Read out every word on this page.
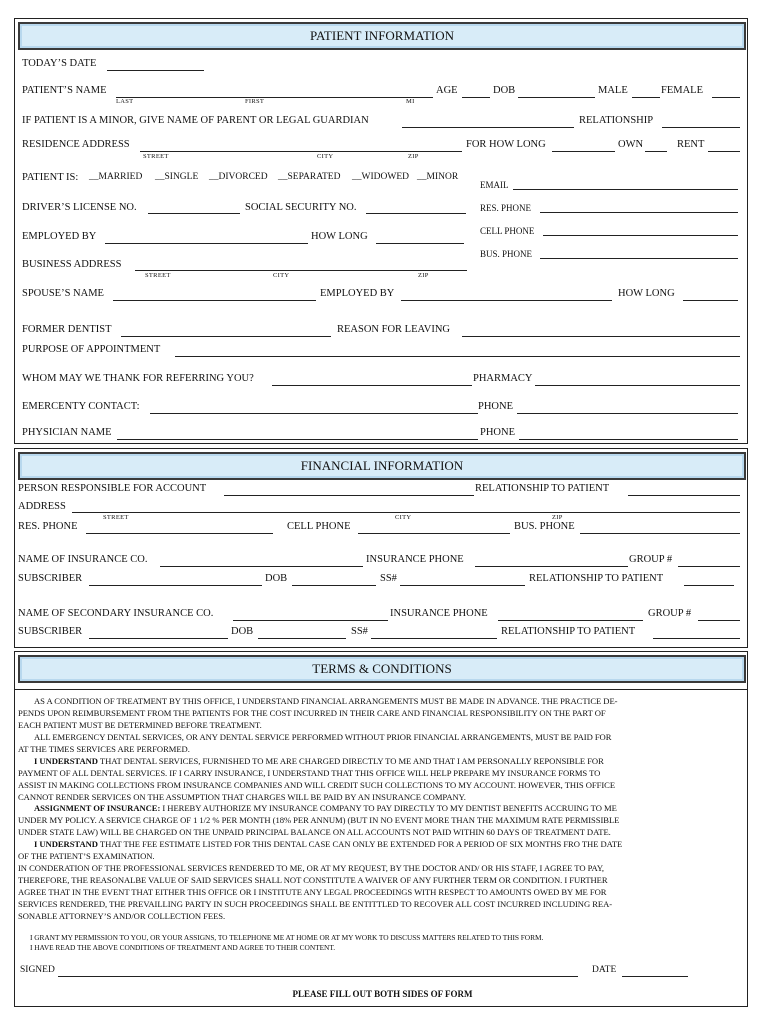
PATIENT INFORMATION
TODAY’S DATE
PATIENT’S NAME	AGE	DOB	MALE	FEMALE
LAST	FIRST	MI
IF PATIENT IS A MINOR, GIVE NAME OF PARENT OR LEGAL GUARDIAN	RELATIONSHIP
RESIDENCE ADDRESS	FOR HOW LONG	OWN	RENT
STREET	CITY	ZIP
PATIENT IS: __MARRIED __SINGLE __DIVORCED __SEPARATED __WIDOWED __MINOR
EMAIL
RES. PHONE
CELL PHONE
BUS. PHONE
DRIVER’S LICENSE NO.	SOCIAL SECURITY NO.
EMPLOYED BY	HOW LONG
BUSINESS ADDRESS
STREET	CITY	ZIP
SPOUSE’S NAME	EMPLOYED BY	HOW LONG
FORMER DENTIST	REASON FOR LEAVING
PURPOSE OF APPOINTMENT
WHOM MAY WE THANK FOR REFERRING YOU?	PHARMACY
EMERCENTY CONTACT:	PHONE
PHYSICIAN NAME	PHONE
FINANCIAL INFORMATION
PERSON RESPONSIBLE FOR ACCOUNT	RELATIONSHIP TO PATIENT
ADDRESS
STREET	CITY	ZIP
RES. PHONE	CELL PHONE	BUS. PHONE
NAME OF INSURANCE CO.	INSURANCE PHONE	GROUP #
SUBSCRIBER	DOB	SS#	RELATIONSHIP TO PATIENT
NAME OF SECONDARY INSURANCE CO.	INSURANCE PHONE	GROUP #
SUBSCRIBER	DOB	SS#	RELATIONSHIP TO PATIENT
TERMS & CONDITIONS
AS A CONDITION OF TREATMENT BY THIS OFFICE, I UNDERSTAND FINANCIAL ARRANGEMENTS MUST BE MADE IN ADVANCE. THE PRACTICE DE-
PENDS UPON REIMBURSEMENT FROM THE PATIENTS FOR THE COST INCURRED IN THEIR CARE AND FINANCIAL RESPONSIBILITY ON THE PART OF
EACH PATIENT MUST BE DETERMINED BEFORE TREATMENT.
ALL EMERGENCY DENTAL SERVICES, OR ANY DENTAL SERVICE PERFORMED WITHOUT PRIOR FINANCIAL ARRANGEMENTS, MUST BE PAID FOR
AT THE TIMES SERVICES ARE PERFORMED.
I UNDERSTAND THAT DENTAL SERVICES, FURNISHED TO ME ARE CHARGED DIRECTLY TO ME AND THAT I AM PERSONALLY REPONSIBLE FOR
PAYMENT OF ALL DENTAL SERVICES. IF I CARRY INSURANCE, I UNDERSTAND THAT THIS OFFICE WILL HELP PREPARE MY INSURANCE FORMS TO
ASSIST IN MAKING COLLECTIONS FROM INSURANCE COMPANIES AND WILL CREDIT SUCH COLLECTIONS TO MY ACCOUNT. HOWEVER, THIS OFFICE
CANNOT RENDER SERVICES ON THE ASSUMPTION THAT CHARGES WILL BE PAID BY AN INSURANCE COMPANY.
ASSIGNMENT OF INSURANCE: I HEREBY AUTHORIZE MY INSURANCE COMPANY TO PAY DIRECTLY TO MY DENTIST BENEFITS ACCRUING TO ME
UNDER MY POLICY. A SERVICE CHARGE OF 1 1/2 % PER MONTH (18% PER ANNUM) (BUT IN NO EVENT MORE THAN THE MAXIMUM RATE PERMISSIBLE
UNDER STATE LAW) WILL BE CHARGED ON THE UNPAID PRINCIPAL BALANCE ON ALL ACCOUNTS NOT PAID WITHIN 60 DAYS OF TREATMENT DATE.
I UNDERSTAND THAT THE FEE ESTIMATE LISTED FOR THIS DENTAL CASE CAN ONLY BE EXTENDED FOR A PERIOD OF SIX MONTHS FRO THE DATE
OF THE PATIENT’S EXAMINATION.
IN CONDERATION OF THE PROFESSIONAL SERVICES RENDERED TO ME, OR AT MY REQUEST, BY THE DOCTOR AND/ OR HIS STAFF, I AGREE TO PAY,
THEREFORE, THE REASONALBE VALUE OF SAID SERVICES SHALL NOT CONSTITUTE A WAIVER OF ANY FURTHER TERM OR CONDITION. I FURTHER
AGREE THAT IN THE EVENT THAT EITHER THIS OFFICE OR I INSTITUTE ANY LEGAL PROCEEDINGS WITH RESPECT TO AMOUNTS OWED BY ME FOR
SERVICES RENDERED, THE PREVAILLING PARTY IN SUCH PROCEEDINGS SHALL BE ENTITTLED TO RECOVER ALL COST INCURRED INCLUDING REA-
SONABLE ATTORNEY’S AND/OR COLLECTION FEES.
I GRANT MY PERMISSION TO YOU, OR YOUR ASSIGNS, TO TELEPHONE ME AT HOME OR AT MY WORK TO DISCUSS MATTERS RELATED TO THIS FORM.
I HAVE READ THE ABOVE CONDITIONS OF TREATMENT AND AGREE TO THEIR CONTENT.
SIGNED	DATE
PLEASE FILL OUT BOTH SIDES OF FORM
